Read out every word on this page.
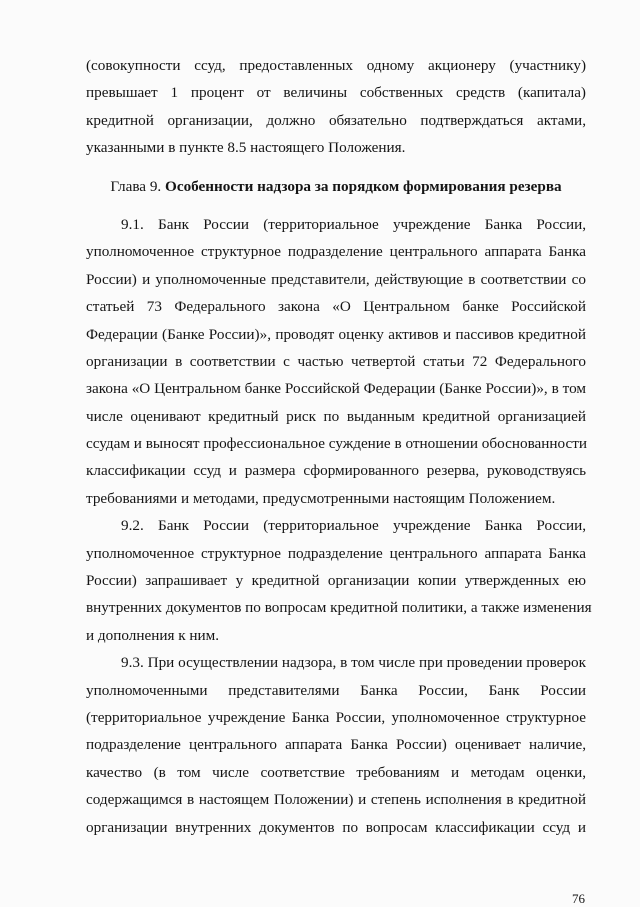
(совокупности ссуд, предоставленных одному акционеру (участнику)
превышает 1 процент от величины собственных средств (капитала)
кредитной организации, должно обязательно подтверждаться актами,
указанными в пункте 8.5 настоящего Положения.
Глава 9. Особенности надзора за порядком формирования резерва
9.1. Банк России (территориальное учреждение Банка России,
уполномоченное структурное подразделение центрального аппарата Банка
России) и уполномоченные представители, действующие в соответствии со
статьей 73 Федерального закона «О Центральном банке Российской
Федерации (Банке России)», проводят оценку активов и пассивов кредитной
организации в соответствии с частью четвертой статьи 72 Федерального
закона «О Центральном банке Российской Федерации (Банке России)», в том
числе оценивают кредитный риск по выданным кредитной организацией
ссудам и выносят профессиональное суждение в отношении обоснованности
классификации ссуд и размера сформированного резерва, руководствуясь
требованиями и методами, предусмотренными настоящим Положением.
9.2. Банк России (территориальное учреждение Банка России,
уполномоченное структурное подразделение центрального аппарата Банка
России) запрашивает у кредитной организации копии утвержденных ею
внутренних документов по вопросам кредитной политики, а также изменения
и дополнения к ним.
9.3. При осуществлении надзора, в том числе при проведении проверок
уполномоченными представителями Банка России, Банк России
(территориальное учреждение Банка России, уполномоченное структурное
подразделение центрального аппарата Банка России) оценивает наличие,
качество (в том числе соответствие требованиям и методам оценки,
содержащимся в настоящем Положении) и степень исполнения в кредитной
организации внутренних документов по вопросам классификации ссуд и
76
